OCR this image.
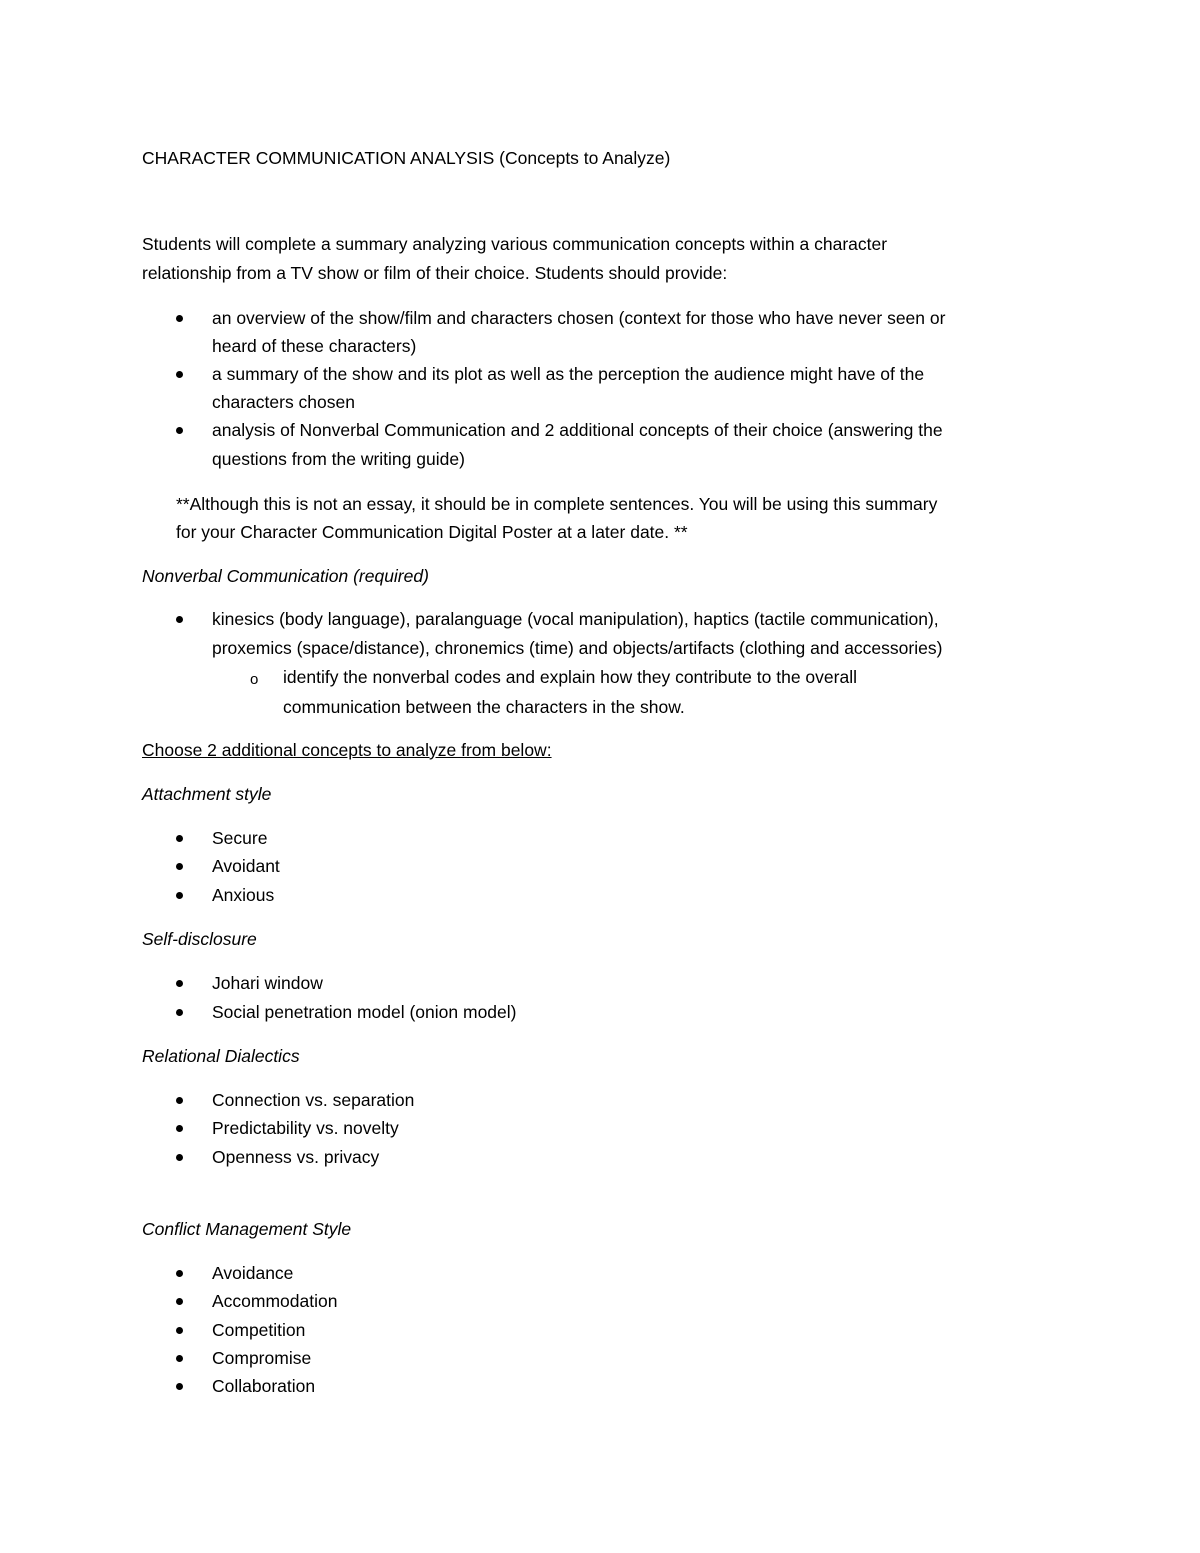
CHARACTER COMMUNICATION ANALYSIS (Concepts to Analyze)
Students will complete a summary analyzing various communication concepts within a character
relationship from a TV show or film of their choice. Students should provide:
an overview of the show/film and characters chosen (context for those who have never seen or
heard of these characters)
a summary of the show and its plot as well as the perception the audience might have of the
characters chosen
analysis of Nonverbal Communication and 2 additional concepts of their choice (answering the
questions from the writing guide)
**Although this is not an essay, it should be in complete sentences. You will be using this summary
for your Character Communication Digital Poster at a later date. **
Nonverbal Communication (required)
kinesics (body language), paralanguage (vocal manipulation), haptics (tactile communication),
proxemics (space/distance), chronemics (time) and objects/artifacts (clothing and accessories)
o identify the nonverbal codes and explain how they contribute to the overall
communication between the characters in the show.
Choose 2 additional concepts to analyze from below:
Attachment style
Secure
Avoidant
Anxious
Self-disclosure
Johari window
Social penetration model (onion model)
Relational Dialectics
Connection vs. separation
Predictability vs. novelty
Openness vs. privacy
Conflict Management Style
Avoidance
Accommodation
Competition
Compromise
Collaboration
